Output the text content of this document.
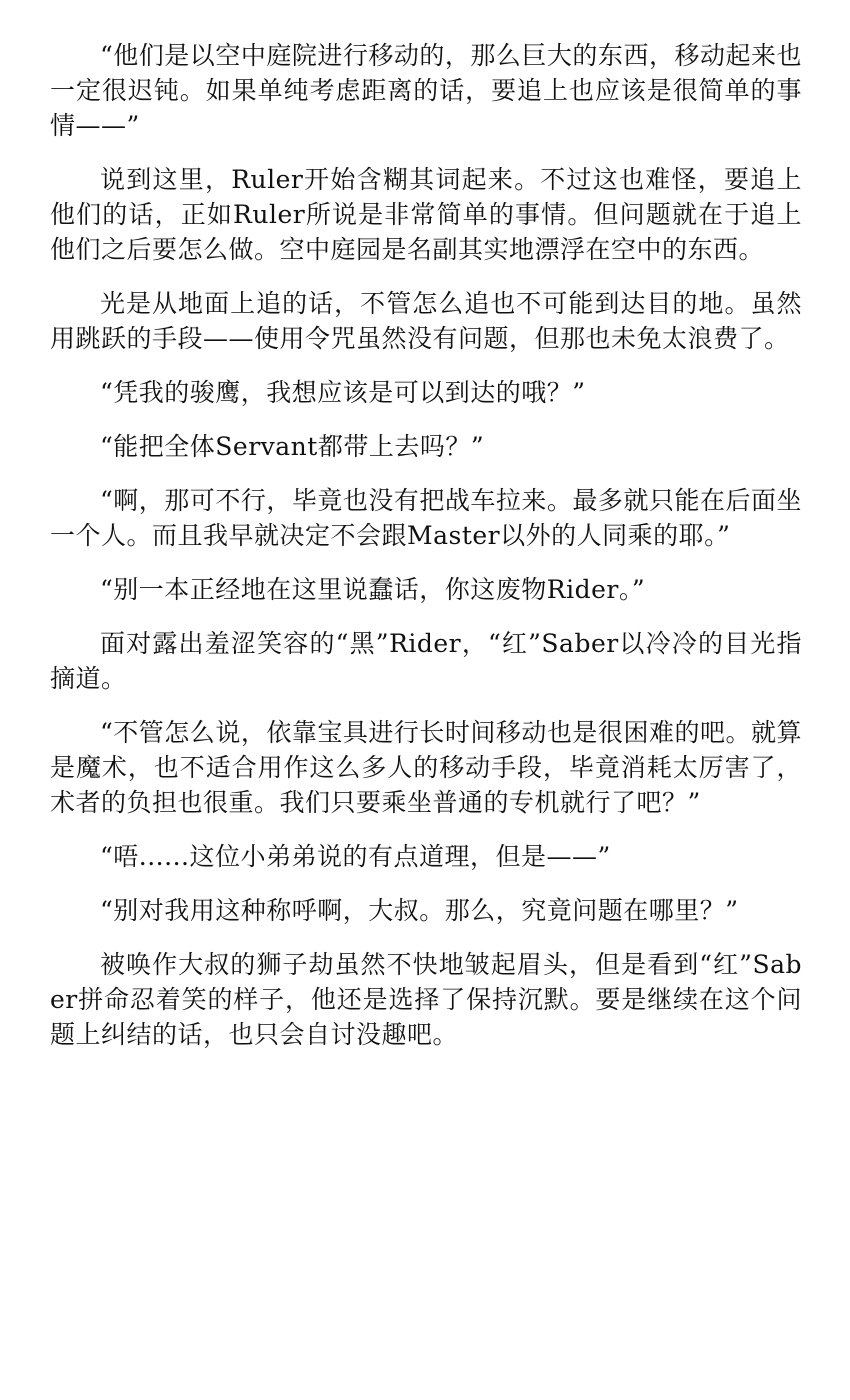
“他们是以空中庭院进行移动的，那么巨大的东西，移动起来也一定很迟钝。如果单纯考虑距离的话，要追上也应该是很简单的事情——”

说到这里，Ruler开始含糊其词起来。不过这也难怪，要追上他们的话，正如Ruler所说是非常简单的事情。但问题就在于追上他们之后要怎么做。空中庭园是名副其实地漂浮在空中的东西。

光是从地面上追的话，不管怎么追也不可能到达目的地。虽然用跳跃的手段——使用令咒虽然没有问题，但那也未免太浪费了。

“凭我的骏鹰，我想应该是可以到达的哦？”

“能把全体Servant都带上去吗？”

“啊，那可不行，毕竟也没有把战车拉来。最多就只能在后面坐一个人。而且我早就决定不会跟Master以外的人同乘的耶。”

“别一本正经地在这里说蠢话，你这废物Rider。”

面对露出羞涩笑容的“黑”Rider，“红”Saber以冷冷的目光指摘道。

“不管怎么说，依靠宝具进行长时间移动也是很困难的吧。就算是魔术，也不适合用作这么多人的移动手段，毕竟消耗太厉害了，术者的负担也很重。我们只要乘坐普通的专机就行了吧？”

“唔......这位小弟弟说的有点道理，但是——”

“别对我用这种称呼啊，大叔。那么，究竟问题在哪里？”

被唤作大叔的狮子劫虽然不快地皱起眉头，但是看到“红”Saber拼命忍着笑的样子，他还是选择了保持沉默。要是继续在这个问题上纠结的话，也只会自讨没趣吧。
